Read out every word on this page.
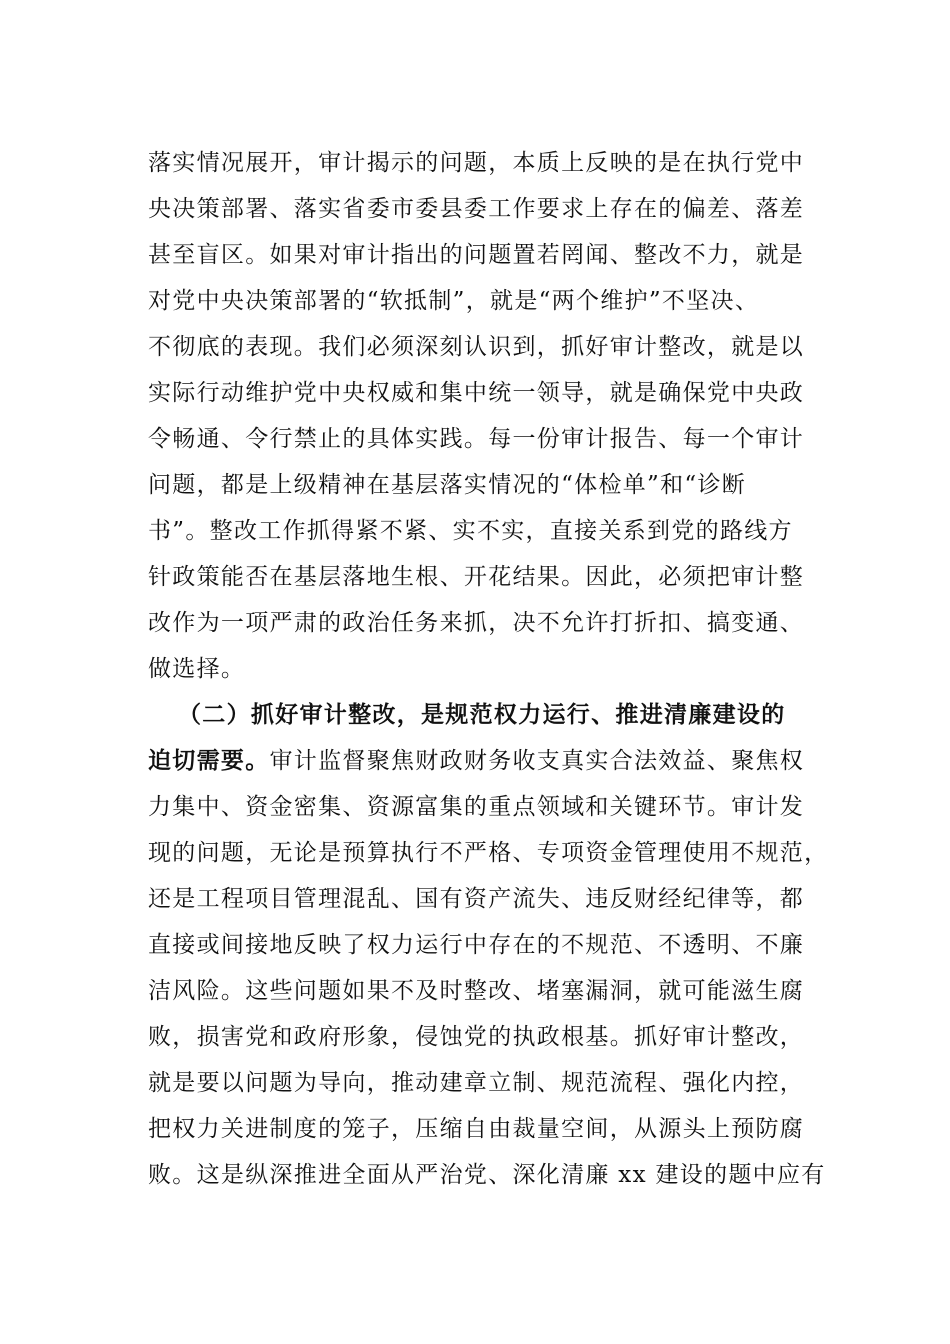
落实情况展开，审计揭示的问题，本质上反映的是在执行党中
央决策部署、落实省委市委县委工作要求上存在的偏差、落差
甚至盲区。如果对审计指出的问题置若罔闻、整改不力，就是
对党中央决策部署的“软抵制”，就是“两个维护”不坚决、
不彻底的表现。我们必须深刻认识到，抓好审计整改，就是以
实际行动维护党中央权威和集中统一领导，就是确保党中央政
令畅通、令行禁止的具体实践。每一份审计报告、每一个审计
问题，都是上级精神在基层落实情况的“体检单”和“诊断
书”。整改工作抓得紧不紧、实不实，直接关系到党的路线方
针政策能否在基层落地生根、开花结果。因此，必须把审计整
改作为一项严肃的政治任务来抓，决不允许打折扣、搞变通、
做选择。
（二）抓好审计整改，是规范权力运行、推进清廉建设的
迫切需要。审计监督聚焦财政财务收支真实合法效益、聚焦权
力集中、资金密集、资源富集的重点领域和关键环节。审计发
现的问题，无论是预算执行不严格、专项资金管理使用不规范，
还是工程项目管理混乱、国有资产流失、违反财经纪律等，都
直接或间接地反映了权力运行中存在的不规范、不透明、不廉
洁风险。这些问题如果不及时整改、堵塞漏洞，就可能滋生腐
败，损害党和政府形象，侵蚀党的执政根基。抓好审计整改，
就是要以问题为导向，推动建章立制、规范流程、强化内控，
把权力关进制度的笼子，压缩自由裁量空间，从源头上预防腐
败。这是纵深推进全面从严治党、深化清廉 xx 建设的题中应有
